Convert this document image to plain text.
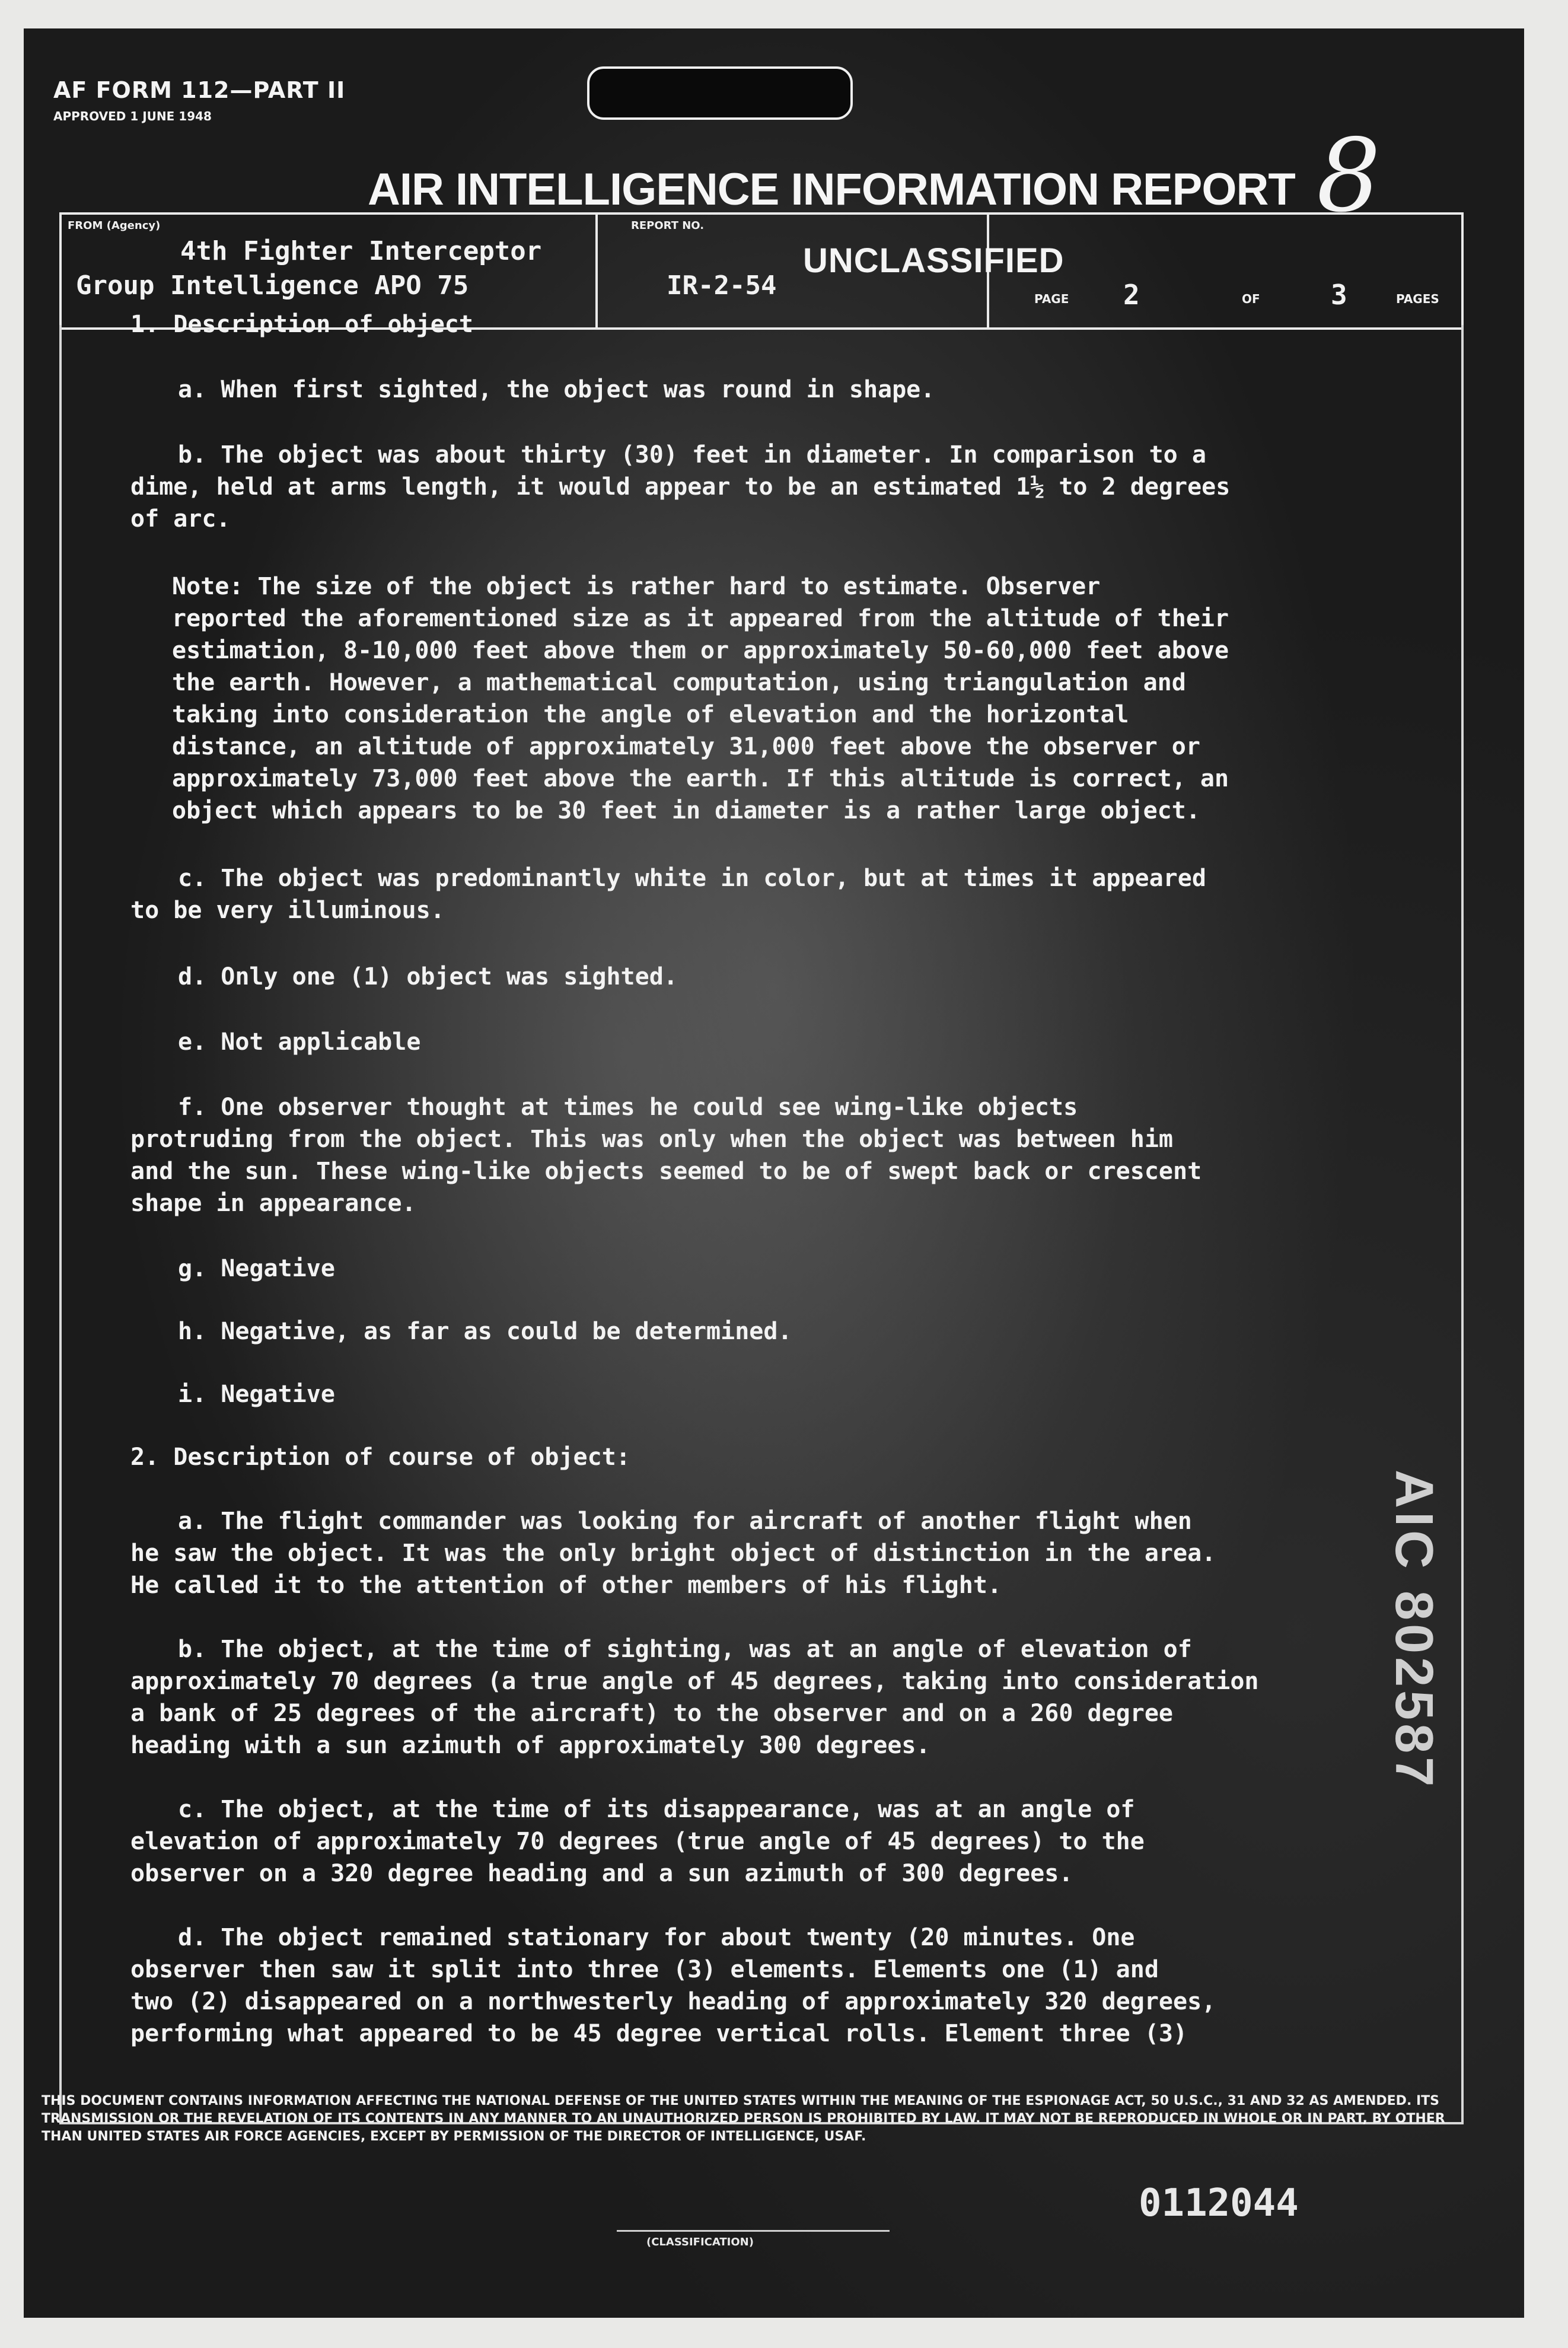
AF FORM 112—PART II
APPROVED 1 JUNE 1948
AIR INTELLIGENCE INFORMATION REPORT 8
FROM (Agency)
4th Fighter Interceptor
Group Intelligence APO 75
REPORT NO.
IR-2-54
UNCLASSIFIED
PAGE 2	OF	3	PAGES
1. Description of object
a. When first sighted, the object was round in shape.
b. The object was about thirty (30) feet in diameter. In comparison to a
dime, held at arms length, it would appear to be an estimated 1½ to 2 degrees
of arc.
Note: The size of the object is rather hard to estimate. Observer
reported the aforementioned size as it appeared from the altitude of their
estimation, 8-10,000 feet above them or approximately 50-60,000 feet above
the earth. However, a mathematical computation, using triangulation and
taking into consideration the angle of elevation and the horizontal
distance, an altitude of approximately 31,000 feet above the observer or
approximately 73,000 feet above the earth. If this altitude is correct, an
object which appears to be 30 feet in diameter is a rather large object.
c. The object was predominantly white in color, but at times it appeared
to be very illuminous.
d. Only one (1) object was sighted.
e. Not applicable
f. One observer thought at times he could see wing-like objects
protruding from the object. This was only when the object was between him
and the sun. These wing-like objects seemed to be of swept back or crescent
shape in appearance.
g. Negative
h. Negative, as far as could be determined.
i. Negative
2. Description of course of object:
a. The flight commander was looking for aircraft of another flight when
he saw the object. It was the only bright object of distinction in the area.
He called it to the attention of other members of his flight.
b. The object, at the time of sighting, was at an angle of elevation of
approximately 70 degrees (a true angle of 45 degrees, taking into consideration
a bank of 25 degrees of the aircraft) to the observer and on a 260 degree
heading with a sun azimuth of approximately 300 degrees.
c. The object, at the time of its disappearance, was at an angle of
elevation of approximately 70 degrees (true angle of 45 degrees) to the
observer on a 320 degree heading and a sun azimuth of 300 degrees.
d. The object remained stationary for about twenty (20 minutes. One
observer then saw it split into three (3) elements. Elements one (1) and
two (2) disappeared on a northwesterly heading of approximately 320 degrees,
performing what appeared to be 45 degree vertical rolls. Element three (3)
AIC 802587
THIS DOCUMENT CONTAINS INFORMATION AFFECTING THE NATIONAL DEFENSE OF THE UNITED STATES WITHIN THE MEANING OF THE ESPIONAGE ACT, 50 U.S.C., 31 AND 32 AS AMENDED. ITS TRANSMISSION OR THE REVELATION OF ITS CONTENTS IN ANY MANNER TO AN UNAUTHORIZED PERSON IS PROHIBITED BY LAW. IT MAY NOT BE REPRODUCED IN WHOLE OR IN PART, BY OTHER THAN UNITED STATES AIR FORCE AGENCIES, EXCEPT BY PERMISSION OF THE DIRECTOR OF INTELLIGENCE, USAF.
0112044
(CLASSIFICATION)
